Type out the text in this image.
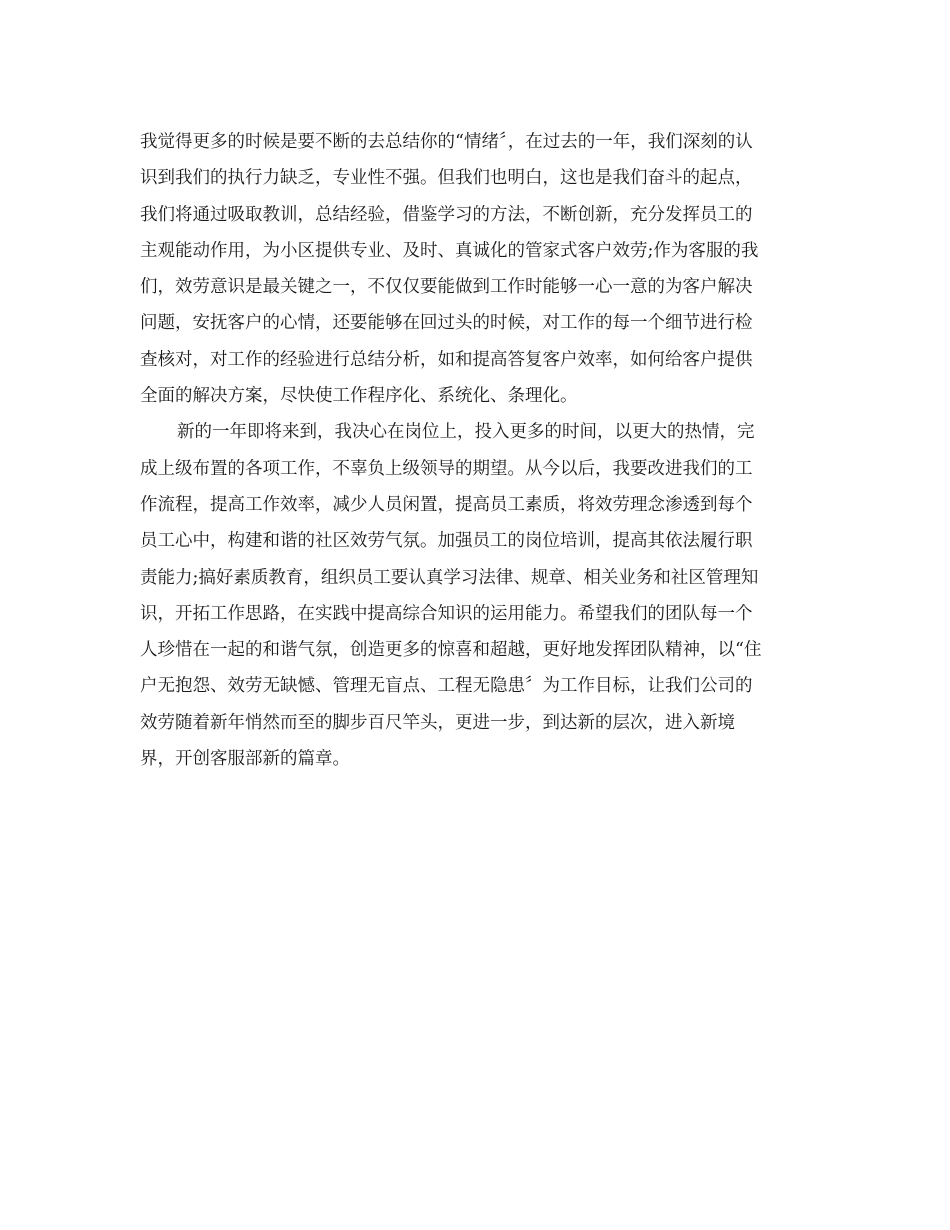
我觉得更多的时候是要不断的去总结你的“情绪〞，在过去的一年，我们深刻的认
识到我们的执行力缺乏，专业性不强。但我们也明白，这也是我们奋斗的起点，
我们将通过吸取教训，总结经验，借鉴学习的方法，不断创新，充分发挥员工的
主观能动作用，为小区提供专业、及时、真诚化的管家式客户效劳;作为客服的我
们，效劳意识是最关键之一，不仅仅要能做到工作时能够一心一意的为客户解决
问题，安抚客户的心情，还要能够在回过头的时候，对工作的每一个细节进行检
查核对，对工作的经验进行总结分析，如和提高答复客户效率，如何给客户提供
全面的解决方案，尽快使工作程序化、系统化、条理化。

新的一年即将来到，我决心在岗位上，投入更多的时间，以更大的热情，完
成上级布置的各项工作，不辜负上级领导的期望。从今以后，我要改进我们的工
作流程，提高工作效率，减少人员闲置，提高员工素质，将效劳理念渗透到每个
员工心中，构建和谐的社区效劳气氛。加强员工的岗位培训，提高其依法履行职
责能力;搞好素质教育，组织员工要认真学习法律、规章、相关业务和社区管理知
识，开拓工作思路，在实践中提高综合知识的运用能力。希望我们的团队每一个
人珍惜在一起的和谐气氛，创造更多的惊喜和超越，更好地发挥团队精神，以“住
户无抱怨、效劳无缺憾、管理无盲点、工程无隐患〞为工作目标，让我们公司的
效劳随着新年悄然而至的脚步百尺竿头，更进一步，到达新的层次，进入新境
界，开创客服部新的篇章。
